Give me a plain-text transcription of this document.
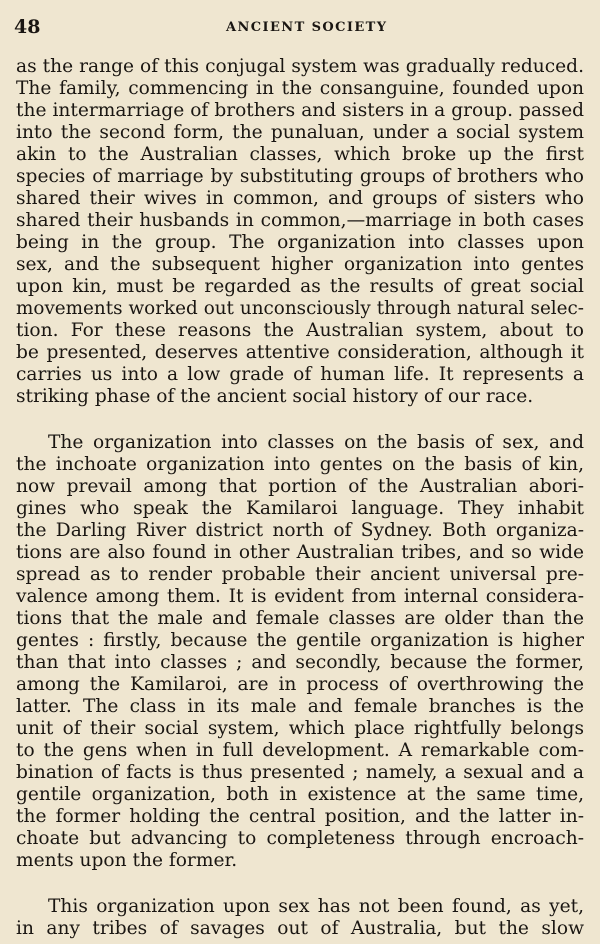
48	ANCIENT SOCIETY
as the range of this conjugal system was gradually reduced.
The family, commencing in the consanguine, founded upon
the intermarriage of brothers and sisters in a group. passed
into the second form, the punaluan, under a social system
akin to the Australian classes, which broke up the first
species of marriage by substituting groups of brothers who
shared their wives in common, and groups of sisters who
shared their husbands in common,—marriage in both cases
being in the group. The organization into classes upon
sex, and the subsequent higher organization into gentes
upon kin, must be regarded as the results of great social
movements worked out unconsciously through natural selec-
tion. For these reasons the Australian system, about to
be presented, deserves attentive consideration, although it
carries us into a low grade of human life. It represents a
striking phase of the ancient social history of our race.
The organization into classes on the basis of sex, and
the inchoate organization into gentes on the basis of kin,
now prevail among that portion of the Australian abori-
gines who speak the Kamilaroi language. They inhabit
the Darling River district north of Sydney. Both organiza-
tions are also found in other Australian tribes, and so wide
spread as to render probable their ancient universal pre-
valence among them. It is evident from internal considera-
tions that the male and female classes are older than the
gentes : firstly, because the gentile organization is higher
than that into classes ; and secondly, because the former,
among the Kamilaroi, are in process of overthrowing the
latter. The class in its male and female branches is the
unit of their social system, which place rightfully belongs
to the gens when in full development. A remarkable com-
bination of facts is thus presented ; namely, a sexual and a
gentile organization, both in existence at the same time,
the former holding the central position, and the latter in-
choate but advancing to completeness through encroach-
ments upon the former.
This organization upon sex has not been found, as yet,
in any tribes of savages out of Australia, but the slow
